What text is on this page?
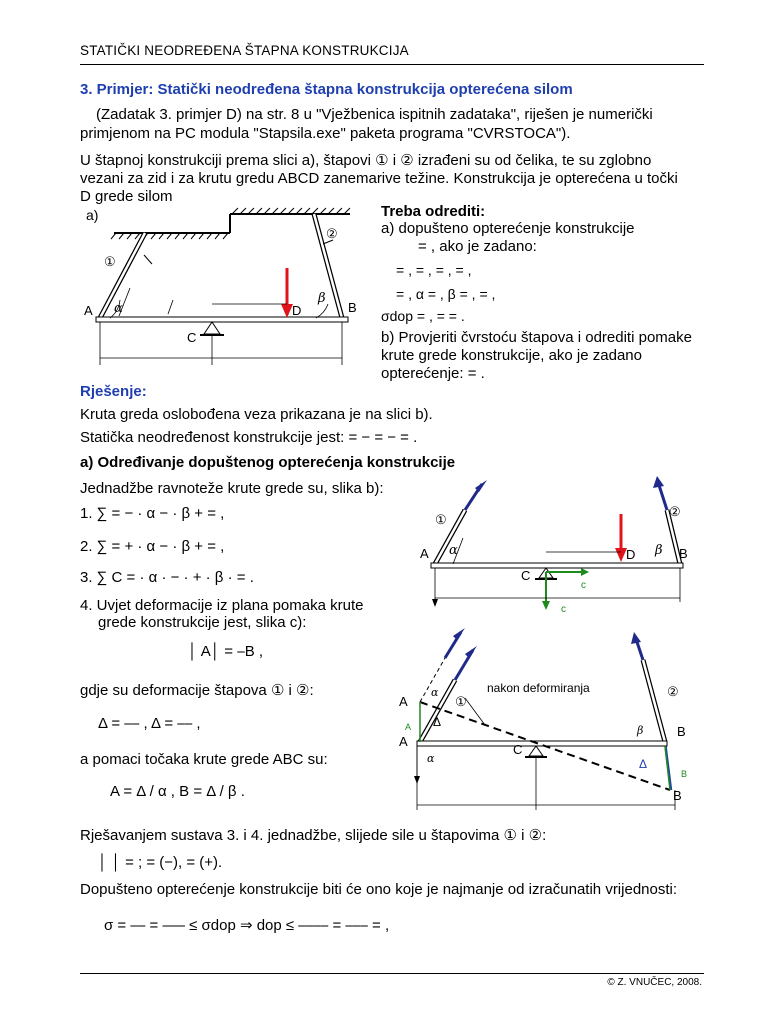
STATIČKI NEODREĐENA ŠTAPNA KONSTRUKCIJA
3. Primjer: Statički neodređena štapna konstrukcija opterećena silom
(Zadatak 3. primjer D) na str. 8 u "Vježbenica ispitnih zadataka", riješen je numerički
primjenom na PC modula "Stapsila.exe" paketa programa "CVRSTOCA").
U štapnoj konstrukciji prema slici a), štapovi ① i ② izrađeni su od čelika, te su zglobno
vezani za zid i za krutu gredu ABCD zanemarive težine. Konstrukcija je opterećena u točki
D grede silom
Treba odrediti:
a) dopušteno opterećenje konstrukcije
= , ako je zadano:
= , = , = , = ,
= , α = , β = , = ,
σdop = , = = .
b) Provjeriti čvrstoću štapova i odrediti pomake
krute grede konstrukcije, ako je zadano
opterećenje: = .
a)
α
β
A	B
C
D
①
②
Rješenje:
Kruta greda oslobođena veza prikazana je na slici b).
Statička neodređenost konstrukcije jest: = − = − = .
a) Određivanje dopuštenog opterećenja konstrukcije
Jednadžbe ravnoteže krute grede su, slika b):
1. ∑ = − · α − · β + = ,
2. ∑ = + · α − · β + = ,
3. ∑ C = · α · − · + · β · = .
4. Uvjet deformacije iz plana pomaka krute
grede konstrukcije jest, slika c):
│ A│ = ⎯B ,
gdje su deformacije štapova ① i ②:
Δ = ⎯⎯ , Δ = ⎯⎯ ,
a pomaci točaka krute grede ABC su:
A = Δ / α , B = Δ / β .
Rješavanjem sustava 3. i 4. jednadžbe, slijede sile u štapovima ① i ②:
│ │ = ; = (−), = (+).
Dopušteno opterećenje konstrukcije biti će ono koje je najmanje od izračunatih vrijednosti:
σ = ⎯⎯ = ⎯⎯⎯ ≤ σdop ⇒ dop ≤ ⎯⎯⎯⎯ = ⎯⎯⎯ = ,
α	β
A	B
C
D
①
②
c
c
nakon deformiranja
A
A
B
B
C
①
②
α
α
β
A
B
Δ
Δ
© Z. VNUČEC, 2008.
